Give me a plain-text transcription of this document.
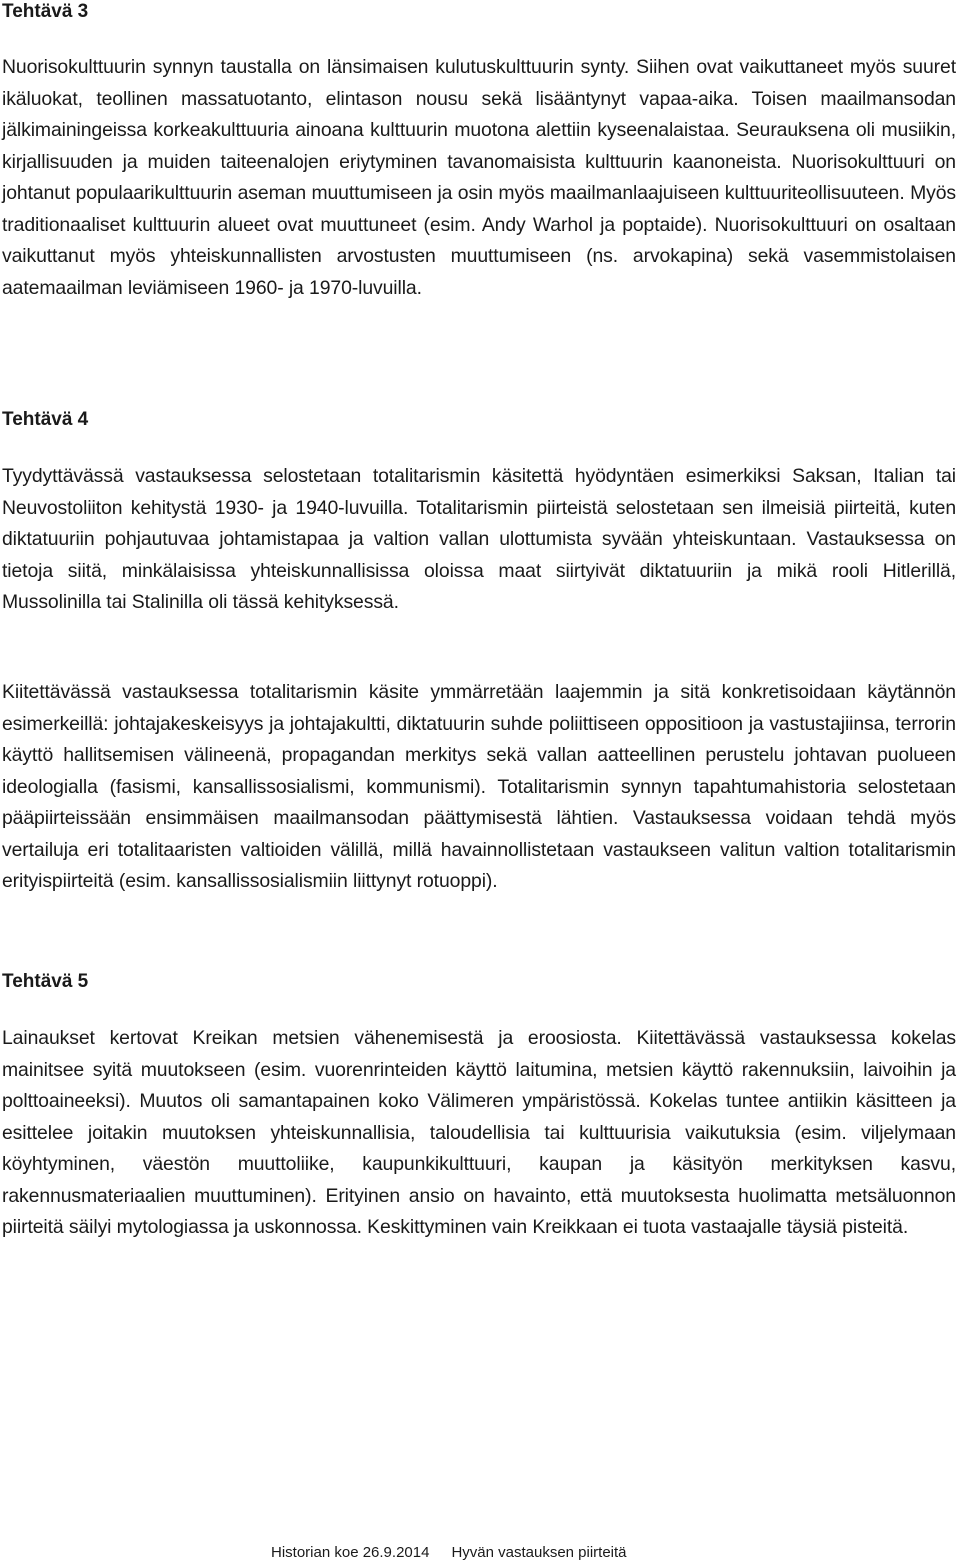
Tehtävä 3

Nuorisokulttuurin synnyn taustalla on länsimaisen kulutuskulttuurin synty. Siihen ovat vaikuttaneet myös suuret ikäluokat, teollinen massatuotanto, elintason nousu sekä lisääntynyt vapaa-aika. Toisen maailmansodan jälkimainingeissa korkeakulttuuria ainoana kulttuurin muotona alettiin kyseenalaistaa. Seurauksena oli musiikin, kirjallisuuden ja muiden taiteenalojen eriytyminen tavanomaisista kulttuurin kaanoneista. Nuorisokulttuuri on johtanut populaarikulttuurin aseman muuttumiseen ja osin myös maailmanlaajuiseen kulttuuriteollisuuteen. Myös traditionaaliset kulttuurin alueet ovat muuttuneet (esim. Andy Warhol ja poptaide). Nuorisokulttuuri on osaltaan vaikuttanut myös yhteiskunnallisten arvostusten muuttumiseen (ns. arvokapina) sekä vasemmistolaisen aatemaailman leviämiseen 1960- ja 1970-luvuilla.

Tehtävä 4

Tyydyttävässä vastauksessa selostetaan totalitarismin käsitettä hyödyntäen esimerkiksi Saksan, Italian tai Neuvostoliiton kehitystä 1930- ja 1940-luvuilla. Totalitarismin piirteistä selostetaan sen ilmeisiä piirteitä, kuten diktatuuriin pohjautuvaa johtamistapaa ja valtion vallan ulottumista syvään yhteiskuntaan. Vastauksessa on tietoja siitä, minkälaisissa yhteiskunnallisissa oloissa maat siirtyivät diktatuuriin ja mikä rooli Hitlerillä, Mussolinilla tai Stalinilla oli tässä kehityksessä.

Kiitettävässä vastauksessa totalitarismin käsite ymmärretään laajemmin ja sitä konkretisoidaan käytännön esimerkeillä: johtajakeskeisyys ja johtajakultti, diktatuurin suhde poliittiseen oppositioon ja vastustajiinsa, terrorin käyttö hallitsemisen välineenä, propagandan merkitys sekä vallan aatteellinen perustelu johtavan puolueen ideologialla (fasismi, kansallissosialismi, kommunismi). Totalitarismin synnyn tapahtumahistoria selostetaan pääpiirteissään ensimmäisen maailmansodan päättymisestä lähtien. Vastauksessa voidaan tehdä myös vertailuja eri totalitaaristen valtioiden välillä, millä havainnollistetaan vastaukseen valitun valtion totalitarismin erityispiirteitä (esim. kansallissosialismiin liittynyt rotuoppi).

Tehtävä 5

Lainaukset kertovat Kreikan metsien vähenemisestä ja eroosiosta. Kiitettävässä vastauksessa kokelas mainitsee syitä muutokseen (esim. vuorenrinteiden käyttö laitumina, metsien käyttö rakennuksiin, laivoihin ja polttoaineeksi). Muutos oli samantapainen koko Välimeren ympäristössä. Kokelas tuntee antiikin käsitteen ja esittelee joitakin muutoksen yhteiskunnallisia, taloudellisia tai kulttuurisia vaikutuksia (esim. viljelymaan köyhtyminen, väestön muuttoliike, kaupunkikulttuuri, kaupan ja käsityön merkityksen kasvu, rakennusmateriaalien muuttuminen). Erityinen ansio on havainto, että muutoksesta huolimatta metsäluonnon piirteitä säilyi mytologiassa ja uskonnossa. Keskittyminen vain Kreikkaan ei tuota vastaajalle täysiä pisteitä.

Historian koe 26.9.2014 Hyvän vastauksen piirteitä
